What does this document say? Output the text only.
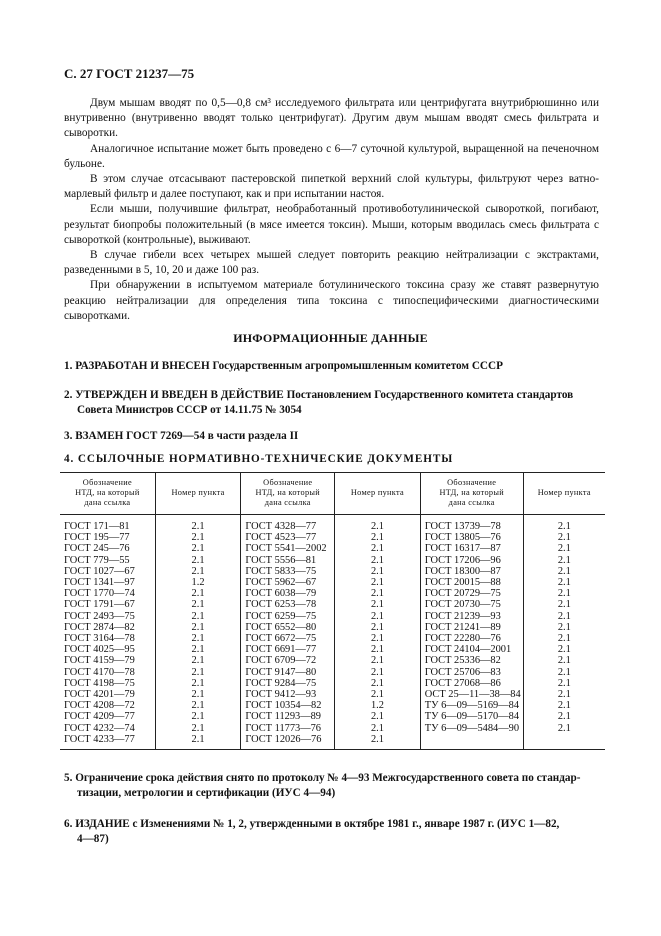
С. 27 ГОСТ 21237—75

Двум мышам вводят по 0,5—0,8 см³ исследуемого фильтрата или центрифугата внутрибрюшинно или внутривенно (внутривенно вводят только центрифугат). Другим двум мышам вводят смесь фильтрата и сыворотки.

Аналогичное испытание может быть проведено с 6—7 суточной культурой, выращенной на печеночном бульоне.

В этом случае отсасывают пастеровской пипеткой верхний слой культуры, фильтруют через ватно-марлевый фильтр и далее поступают, как и при испытании настоя.

Если мыши, получившие фильтрат, необработанный противоботулинической сывороткой, погибают, результат биопробы положительный (в мясе имеется токсин). Мыши, которым вводилась смесь фильтрата с сывороткой (контрольные), выживают.

В случае гибели всех четырех мышей следует повторить реакцию нейтрализации с экстрактами, разведенными в 5, 10, 20 и даже 100 раз.

При обнаружении в испытуемом материале ботулинического токсина сразу же ставят развернутую реакцию нейтрализации для определения типа токсина с типоспецифическими диагностическими сыворотками.

ИНФОРМАЦИОННЫЕ ДАННЫЕ
1. РАЗРАБОТАН И ВНЕСЕН Государственным агропромышленным комитетом СССР
2. УТВЕРЖДЕН И ВВЕДЕН В ДЕЙСТВИЕ Постановлением Государственного комитета стандартов
Совета Министров СССР от 14.11.75 № 3054
3. ВЗАМЕН ГОСТ 7269—54 в части раздела II
4. ССЫЛОЧНЫЕ НОРМАТИВНО-ТЕХНИЧЕСКИЕ ДОКУМЕНТЫ
Обозначение
НТД, на который
дана ссылка	Номер пункта	Обозначение
НТД, на который
дана ссылка	Номер пункта	Обозначение
НТД, на который
дана ссылка	Номер пункта
ГОСТ 171—81	2.1	ГОСТ 4328—77	2.1	ГОСТ 13739—78	2.1
ГОСТ 195—77	2.1	ГОСТ 4523—77	2.1	ГОСТ 13805—76	2.1
ГОСТ 245—76	2.1	ГОСТ 5541—2002	2.1	ГОСТ 16317—87	2.1
ГОСТ 779—55	2.1	ГОСТ 5556—81	2.1	ГОСТ 17206—96	2.1
ГОСТ 1027—67	2.1	ГОСТ 5833—75	2.1	ГОСТ 18300—87	2.1
ГОСТ 1341—97	1.2	ГОСТ 5962—67	2.1	ГОСТ 20015—88	2.1
ГОСТ 1770—74	2.1	ГОСТ 6038—79	2.1	ГОСТ 20729—75	2.1
ГОСТ 1791—67	2.1	ГОСТ 6253—78	2.1	ГОСТ 20730—75	2.1
ГОСТ 2493—75	2.1	ГОСТ 6259—75	2.1	ГОСТ 21239—93	2.1
ГОСТ 2874—82	2.1	ГОСТ 6552—80	2.1	ГОСТ 21241—89	2.1
ГОСТ 3164—78	2.1	ГОСТ 6672—75	2.1	ГОСТ 22280—76	2.1
ГОСТ 4025—95	2.1	ГОСТ 6691—77	2.1	ГОСТ 24104—2001	2.1
ГОСТ 4159—79	2.1	ГОСТ 6709—72	2.1	ГОСТ 25336—82	2.1
ГОСТ 4170—78	2.1	ГОСТ 9147—80	2.1	ГОСТ 25706—83	2.1
ГОСТ 4198—75	2.1	ГОСТ 9284—75	2.1	ГОСТ 27068—86	2.1
ГОСТ 4201—79	2.1	ГОСТ 9412—93	2.1	ОСТ 25—11—38—84	2.1
ГОСТ 4208—72	2.1	ГОСТ 10354—82	1.2	ТУ 6—09—5169—84	2.1
ГОСТ 4209—77	2.1	ГОСТ 11293—89	2.1	ТУ 6—09—5170—84	2.1
ГОСТ 4232—74	2.1	ГОСТ 11773—76	2.1	ТУ 6—09—5484—90	2.1
ГОСТ 4233—77	2.1	ГОСТ 12026—76	2.1		
5. Ограничение срока действия снято по протоколу № 4—93 Межгосударственного совета по стандар-
тизации, метрологии и сертификации (ИУС 4—94)
6. ИЗДАНИЕ с Изменениями № 1, 2, утвержденными в октябре 1981 г., январе 1987 г. (ИУС 1—82,
4—87)
